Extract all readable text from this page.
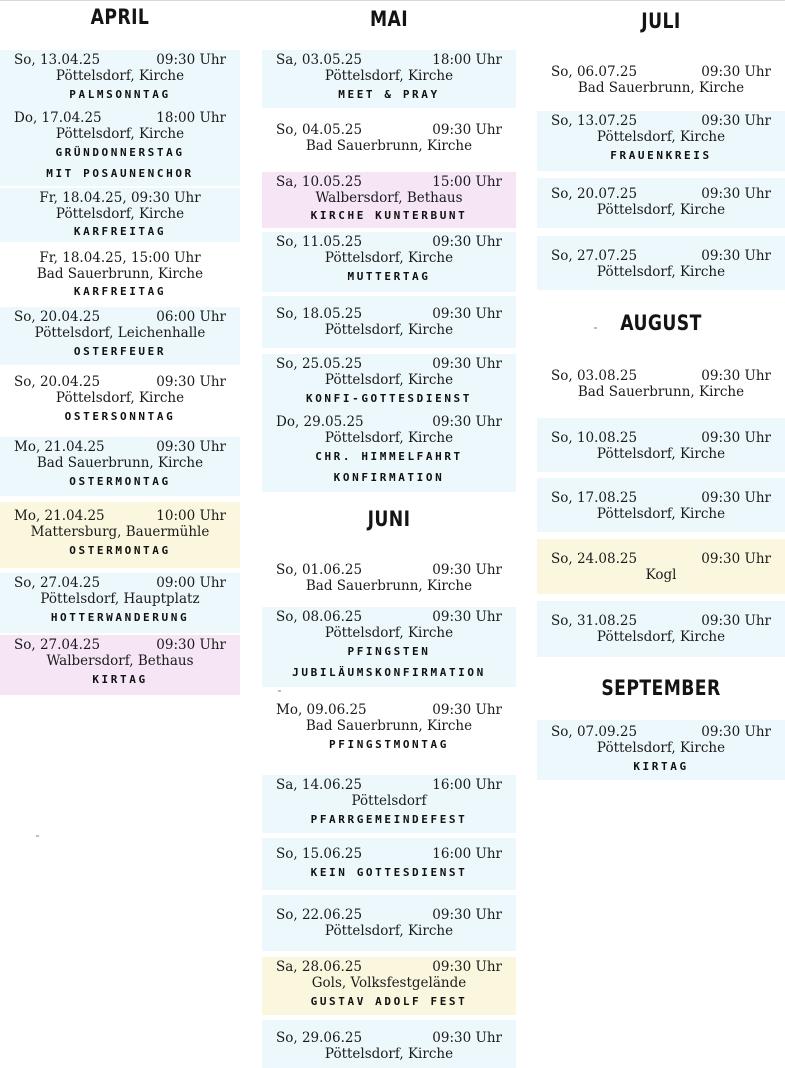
APRIL
So, 13.04.25	09:30 Uhr
Pöttelsdorf, Kirche
PALMSONNTAG
Do, 17.04.25	18:00 Uhr
Pöttelsdorf, Kirche
GRÜNDONNERSTAG
MIT POSAUNENCHOR
Fr, 18.04.25, 09:30 Uhr
Pöttelsdorf, Kirche
KARFREITAG
Fr, 18.04.25, 15:00 Uhr
Bad Sauerbrunn, Kirche
KARFREITAG
So, 20.04.25	06:00 Uhr
Pöttelsdorf, Leichenhalle
OSTERFEUER
So, 20.04.25	09:30 Uhr
Pöttelsdorf, Kirche
OSTERSONNTAG
Mo, 21.04.25	09:30 Uhr
Bad Sauerbrunn, Kirche
OSTERMONTAG
Mo, 21.04.25	10:00 Uhr
Mattersburg, Bauermühle
OSTERMONTAG
So, 27.04.25	09:00 Uhr
Pöttelsdorf, Hauptplatz
HOTTERWANDERUNG
So, 27.04.25	09:30 Uhr
Walbersdorf, Bethaus
KIRTAG
MAI
Sa, 03.05.25	18:00 Uhr
Pöttelsdorf, Kirche
MEET & PRAY
So, 04.05.25	09:30 Uhr
Bad Sauerbrunn, Kirche
Sa, 10.05.25	15:00 Uhr
Walbersdorf, Bethaus
KIRCHE KUNTERBUNT
So, 11.05.25	09:30 Uhr
Pöttelsdorf, Kirche
MUTTERTAG
So, 18.05.25	09:30 Uhr
Pöttelsdorf, Kirche
So, 25.05.25	09:30 Uhr
Pöttelsdorf, Kirche
KONFI-GOTTESDIENST
Do, 29.05.25	09:30 Uhr
Pöttelsdorf, Kirche
CHR. HIMMELFAHRT
KONFIRMATION
JUNI
So, 01.06.25	09:30 Uhr
Bad Sauerbrunn, Kirche
So, 08.06.25	09:30 Uhr
Pöttelsdorf, Kirche
PFINGSTEN
JUBILÄUMSKONFIRMATION
Mo, 09.06.25	09:30 Uhr
Bad Sauerbrunn, Kirche
PFINGSTMONTAG
Sa, 14.06.25	16:00 Uhr
Pöttelsdorf
PFARRGEMEINDEFEST
So, 15.06.25	16:00 Uhr
KEIN GOTTESDIENST
So, 22.06.25	09:30 Uhr
Pöttelsdorf, Kirche
Sa, 28.06.25	09:30 Uhr
Gols, Volksfestgelände
GUSTAV ADOLF FEST
So, 29.06.25	09:30 Uhr
Pöttelsdorf, Kirche
JULI
So, 06.07.25	09:30 Uhr
Bad Sauerbrunn, Kirche
So, 13.07.25	09:30 Uhr
Pöttelsdorf, Kirche
FRAUENKREIS
So, 20.07.25	09:30 Uhr
Pöttelsdorf, Kirche
So, 27.07.25	09:30 Uhr
Pöttelsdorf, Kirche
AUGUST
So, 03.08.25	09:30 Uhr
Bad Sauerbrunn, Kirche
So, 10.08.25	09:30 Uhr
Pöttelsdorf, Kirche
So, 17.08.25	09:30 Uhr
Pöttelsdorf, Kirche
So, 24.08.25	09:30 Uhr
Kogl
So, 31.08.25	09:30 Uhr
Pöttelsdorf, Kirche
SEPTEMBER
So, 07.09.25	09:30 Uhr
Pöttelsdorf, Kirche
KIRTAG
